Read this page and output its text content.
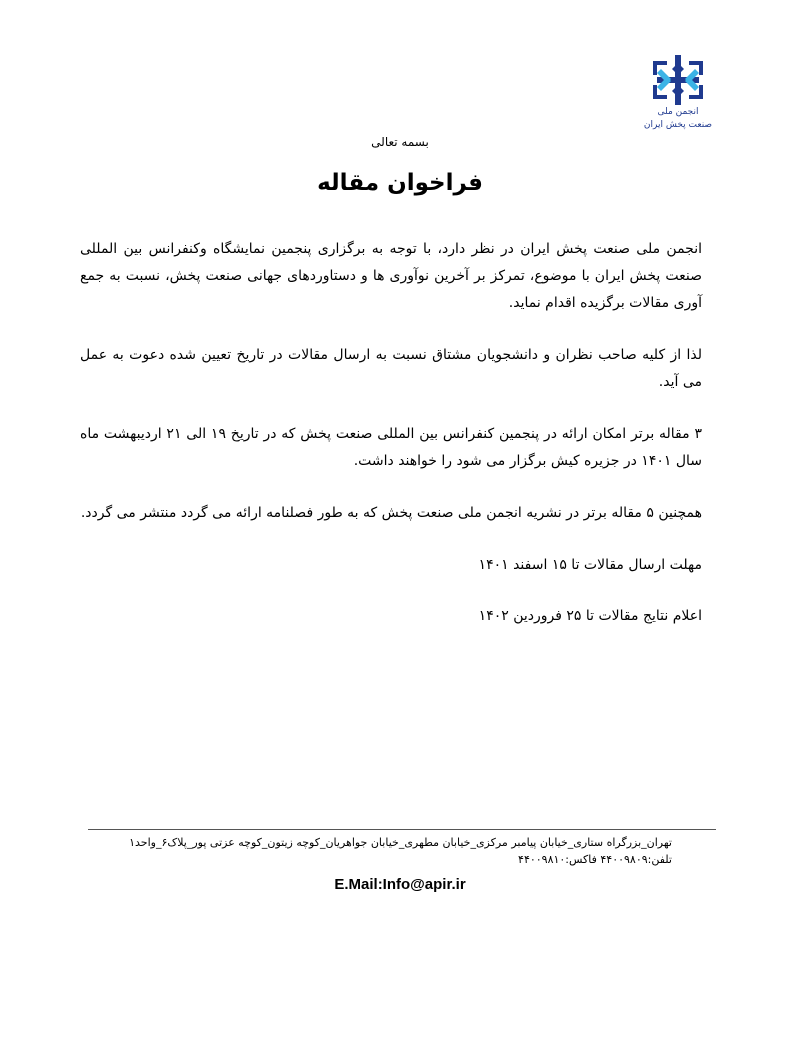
انجمن ملی
صنعت پخش ایران
بسمه تعالی
فراخوان مقاله

انجمن ملی صنعت پخش ایران در نظر دارد، با توجه به برگزاری پنجمین نمایشگاه وکنفرانس بین المللی صنعت پخش ایران با موضوع، تمرکز بر آخرین نوآوری ها و دستاوردهای جهانی صنعت پخش، نسبت به جمع آوری مقالات برگزیده اقدام نماید.

لذا از کلیه صاحب نظران و دانشجویان مشتاق نسبت به ارسال مقالات در تاریخ تعیین شده دعوت به عمل می آید.

۳ مقاله برتر امکان ارائه در پنجمین کنفرانس بین المللی صنعت پخش که در تاریخ ۱۹ الی ۲۱ اردیبهشت ماه سال ۱۴۰۱ در جزیره کیش برگزار می شود را خواهند داشت.

همچنین ۵ مقاله برتر در نشریه انجمن ملی صنعت پخش که به طور فصلنامه ارائه می گردد منتشر می گردد.

مهلت ارسال مقالات تا ۱۵ اسفند ۱۴۰۱

اعلام نتایج مقالات تا ۲۵ فروردین ۱۴۰۲

تهران_بزرگراه ستاری_خیابان پیامبر مرکزی_خیابان مطهری_خیابان جواهریان_کوچه زیتون_کوچه عزتی پور_پلاک۶_واحد۱
تلفن:۴۴۰۰۹۸۰۹ فاکس:۴۴۰۰۹۸۱۰
E.Mail:Info@apir.ir
